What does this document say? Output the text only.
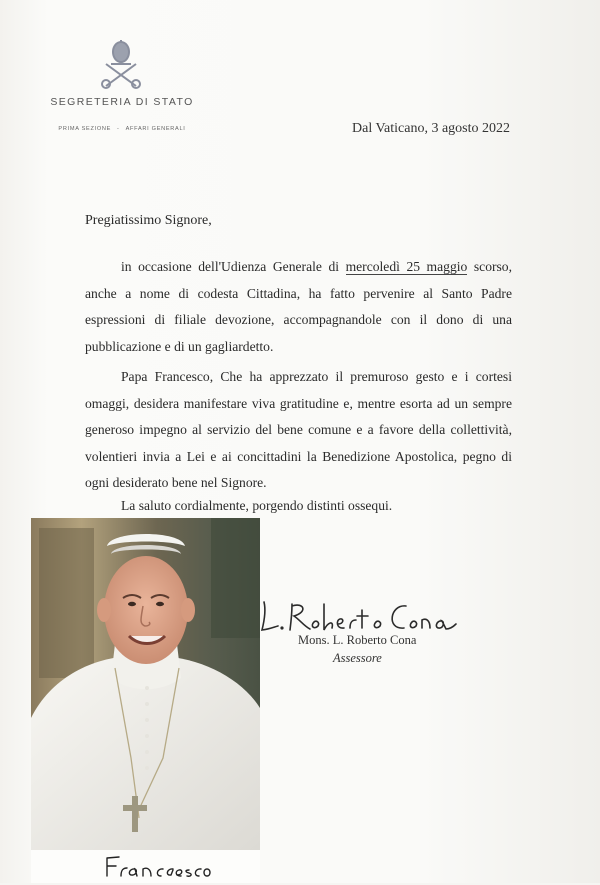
SEGRETERIA DI STATO
PRIMA SEZIONE - AFFARI GENERALI	Dal Vaticano, 3 agosto 2022
Pregiatissimo Signore,
in occasione dell'Udienza Generale di mercoledì 25 maggio scorso, anche a nome di codesta Cittadina, ha fatto pervenire al Santo Padre espressioni di filiale devozione, accompagnandole con il dono di una pubblicazione e di un gagliardetto.
Papa Francesco, Che ha apprezzato il premuroso gesto e i cortesi omaggi, desidera manifestare viva gratitudine e, mentre esorta ad un sempre generoso impegno al servizio del bene comune e a favore della collettività, volentieri invia a Lei e ai concittadini la Benedizione Apostolica, pegno di ogni desiderato bene nel Signore.
La saluto cordialmente, porgendo distinti ossequi.
Mons. L. Roberto Cona
Assessore
